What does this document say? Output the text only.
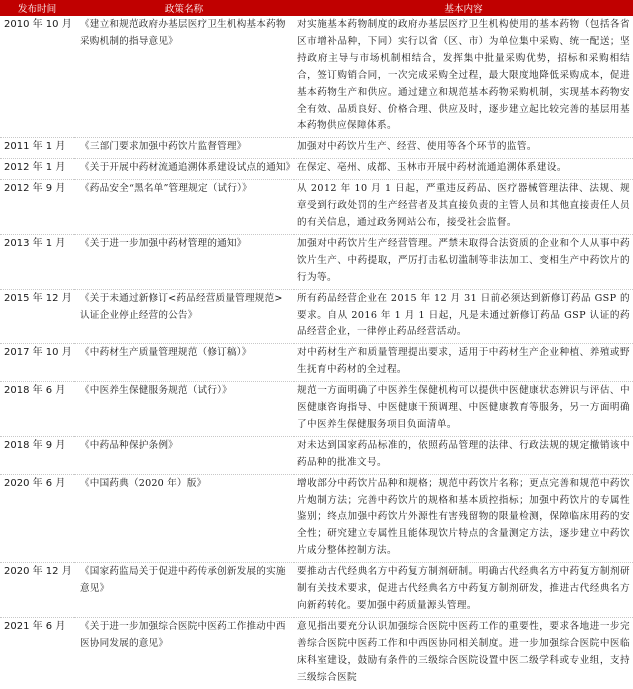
发布时间	政策名称	基本内容
2010 年 10 月	《建立和规范政府办基层医疗卫生机构基本药物采购机制的指导意见》	对实施基本药物制度的政府办基层医疗卫生机构使用的基本药物（包括各省区市增补品种，下同）实行以省（区、市）为单位集中采购、统一配送；坚持政府主导与市场机制相结合，发挥集中批量采购优势，招标和采购相结合，签订购销合同，一次完成采购全过程，最大限度地降低采购成本，促进基本药物生产和供应。通过建立和规范基本药物采购机制，实现基本药物安全有效、品质良好、价格合理、供应及时，逐步建立起比较完善的基层用基本药物供应保障体系。
2011 年 1 月	《三部门要求加强中药饮片监督管理》	加强对中药饮片生产、经营、使用等各个环节的监管。
2012 年 1 月	《关于开展中药材流通追溯体系建设试点的通知》	在保定、亳州、成都、玉林市开展中药材流通追溯体系建设。
2012 年 9 月	《药品安全“黑名单”管理规定（试行）》	从 2012 年 10 月 1 日起，严重违反药品、医疗器械管理法律、法规、规章受到行政处罚的生产经营者及其直接负责的主管人员和其他直接责任人员的有关信息，通过政务网站公布，接受社会监督。
2013 年 1 月	《关于进一步加强中药材管理的通知》	加强对中药饮片生产经营管理。严禁未取得合法资质的企业和个人从事中药饮片生产、中药提取，严厉打击私切滥制等非法加工、变相生产中药饮片的行为等。
2015 年 12 月	《关于未通过新修订<药品经营质量管理规范>认证企业停止经营的公告》	所有药品经营企业在 2015 年 12 月 31 日前必须达到新修订药品 GSP 的要求。自从 2016 年 1 月 1 日起，凡是未通过新修订药品 GSP 认证的药品经营企业，一律停止药品经营活动。
2017 年 10 月	《中药材生产质量管理规范（修订稿）》	对中药材生产和质量管理提出要求，适用于中药材生产企业种植、养殖或野生抚育中药材的全过程。
2018 年 6 月	《中医养生保健服务规范（试行）》	规范一方面明确了中医养生保健机构可以提供中医健康状态辨识与评估、中医健康咨询指导、中医健康干预调理、中医健康教育等服务，另一方面明确了中医养生保健服务项目负面清单。
2018 年 9 月	《中药品种保护条例》	对未达到国家药品标准的，依照药品管理的法律、行政法规的规定撤销该中药品种的批准文号。
2020 年 6 月	《中国药典（2020 年）版》	增收部分中药饮片品种和规格；规范中药饮片名称；更点完善和规范中药饮片炮制方法；完善中药饮片的规格和基本质控指标；加强中药饮片的专属性鉴别；终点加强中药饮片外源性有害残留物的限量检测，保障临床用药的安全性；研究建立专属性且能体现饮片特点的含量测定方法，逐步建立中药饮片成分整体控制方法。
2020 年 12 月	《国家药监局关于促进中药传承创新发展的实施意见》	要推动古代经典名方中药复方制剂研制。明确古代经典名方中药复方制剂研制有关技术要求，促进古代经典名方中药复方制剂研发，推进古代经典名方向新药转化。要加强中药质量源头管理。
2021 年 6 月	《关于进一步加强综合医院中医药工作推动中西医协同发展的意见》	意见指出要充分认识加强综合医院中医药工作的重要性，要求各地进一步完善综合医院中医药工作和中西医协同相关制度。进一步加强综合医院中医临床科室建设，鼓励有条件的三级综合医院设置中医二级学科或专业组，支持三级综合医院
